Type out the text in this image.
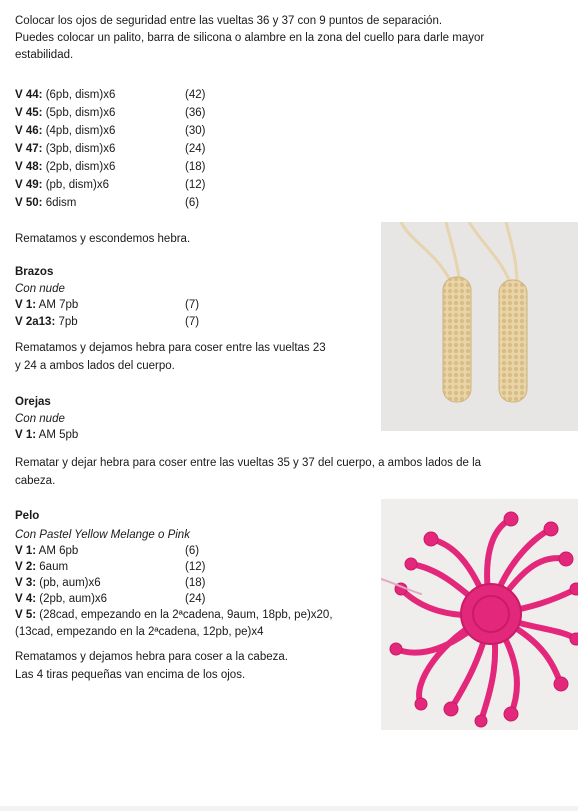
Colocar los ojos de seguridad entre las vueltas 36 y 37 con 9 puntos de separación.

Puedes colocar un palito, barra de silicona o alambre en la zona del cuello para darle mayor

estabilidad.

V 44: (6pb, dism)x6	(42)
V 45: (5pb, dism)x6	(36)
V 46: (4pb, dism)x6	(30)
V 47: (3pb, dism)x6	(24)
V 48: (2pb, dism)x6	(18)
V 49: (pb, dism)x6	(12)
V 50: 6dism	(6)

Rematamos y escondemos hebra.

Brazos

Con nude

V 1: AM 7pb	(7)
V 2a13: 7pb	(7)

Rematamos y dejamos hebra para coser entre las vueltas 23

y 24 a ambos lados del cuerpo.

Orejas

Con nude

V 1: AM 5pb

Rematar y dejar hebra para coser entre las vueltas 35 y 37 del cuerpo, a ambos lados de la

cabeza.

Pelo

Con Pastel Yellow Melange o Pink

V 1: AM 6pb	(6)
V 2: 6aum	(12)
V 3: (pb, aum)x6	(18)
V 4: (2pb, aum)x6	(24)

V 5: (28cad, empezando en la 2ªcadena, 9aum, 18pb, pe)x20,

(13cad, empezando en la 2ªcadena, 12pb, pe)x4

Rematamos y dejamos hebra para coser a la cabeza.

Las 4 tiras pequeñas van encima de los ojos.
